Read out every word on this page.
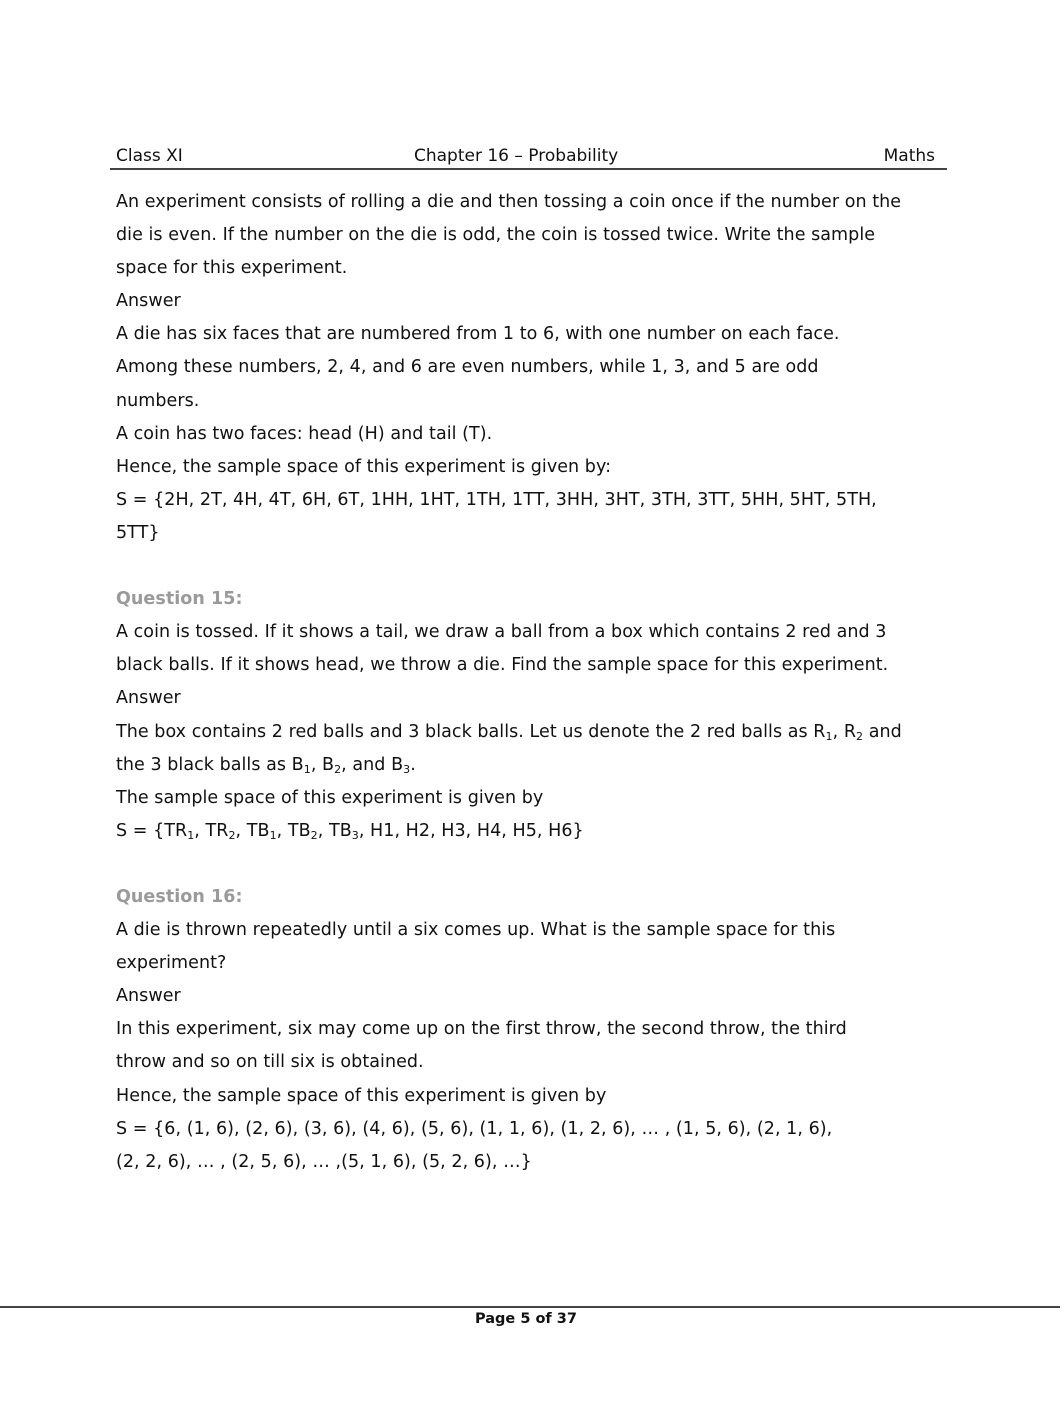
Class XI	Chapter 16 – Probability	Maths
An experiment consists of rolling a die and then tossing a coin once if the number on the
die is even. If the number on the die is odd, the coin is tossed twice. Write the sample
space for this experiment.
Answer
A die has six faces that are numbered from 1 to 6, with one number on each face.
Among these numbers, 2, 4, and 6 are even numbers, while 1, 3, and 5 are odd
numbers.
A coin has two faces: head (H) and tail (T).
Hence, the sample space of this experiment is given by:
S = {2H, 2T, 4H, 4T, 6H, 6T, 1HH, 1HT, 1TH, 1TT, 3HH, 3HT, 3TH, 3TT, 5HH, 5HT, 5TH,
5TT}
Question 15:
A coin is tossed. If it shows a tail, we draw a ball from a box which contains 2 red and 3
black balls. If it shows head, we throw a die. Find the sample space for this experiment.
Answer
The box contains 2 red balls and 3 black balls. Let us denote the 2 red balls as $R_1$, $R_2$ and
the 3 black balls as $B_1$, $B_2$, and $B_3$.
The sample space of this experiment is given by
$S = \{TR_1$, $TR_2$, $TB_1$, $TB_2$, $TB_3$, H1, H2, H3, H4, H5, H6}
Question 16:
A die is thrown repeatedly until a six comes up. What is the sample space for this
experiment?
Answer
In this experiment, six may come up on the first throw, the second throw, the third
throw and so on till six is obtained.
Hence, the sample space of this experiment is given by
S = {6, (1, 6), (2, 6), (3, 6), (4, 6), (5, 6), (1, 1, 6), (1, 2, 6), … , (1, 5, 6), (2, 1, 6),
(2, 2, 6), … , (2, 5, 6), … ,(5, 1, 6), (5, 2, 6), …}
Page 5 of 37
